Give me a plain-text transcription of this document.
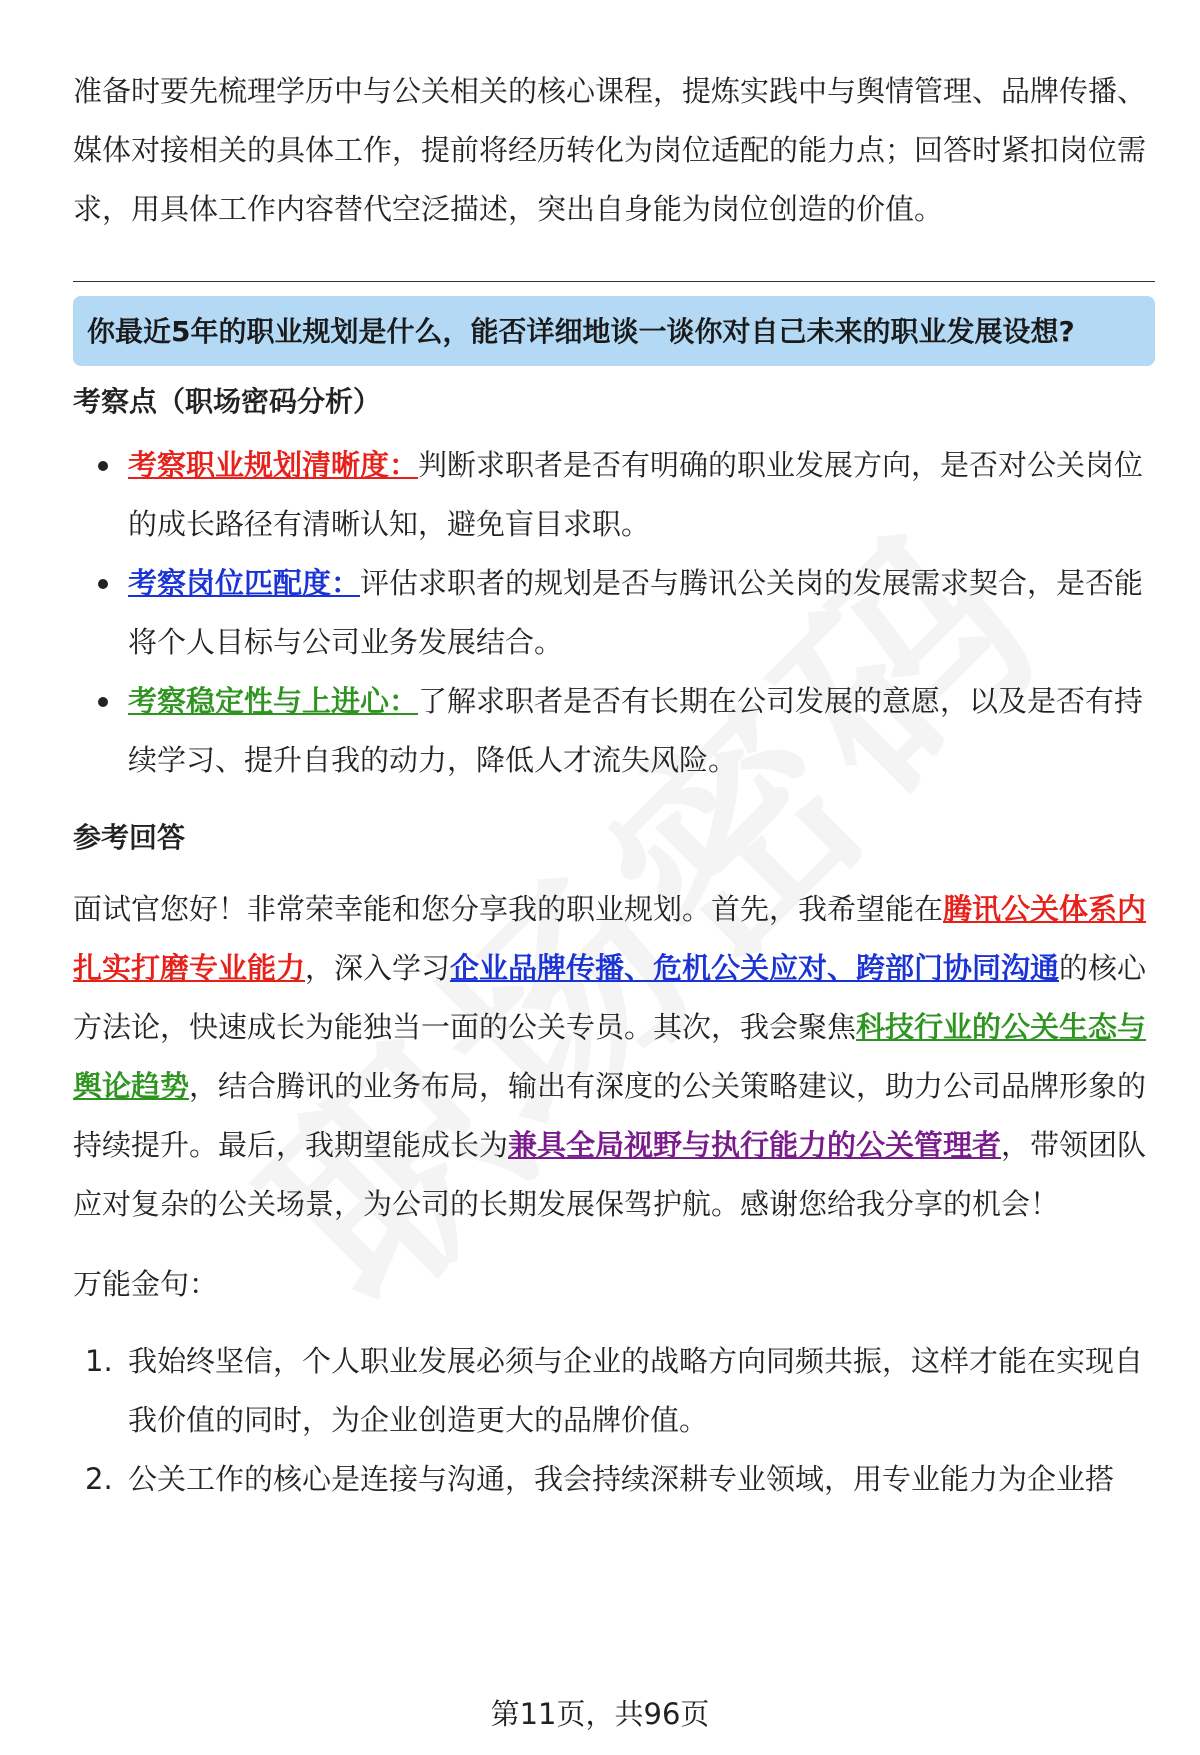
准备时要先梳理学历中与公关相关的核心课程，提炼实践中与舆情管理、品牌传播、媒体对接相关的具体工作，提前将经历转化为岗位适配的能力点；回答时紧扣岗位需求，用具体工作内容替代空泛描述，突出自身能为岗位创造的价值。

你最近5年的职业规划是什么，能否详细地谈一谈你对自己未来的职业发展设想?
考察点（职场密码分析）
考察职业规划清晰度：判断求职者是否有明确的职业发展方向，是否对公关岗位的成长路径有清晰认知，避免盲目求职。
考察岗位匹配度：评估求职者的规划是否与腾讯公关岗的发展需求契合，是否能将个人目标与公司业务发展结合。
考察稳定性与上进心：了解求职者是否有长期在公司发展的意愿，以及是否有持续学习、提升自我的动力，降低人才流失风险。
参考回答

面试官您好！非常荣幸能和您分享我的职业规划。首先，我希望能在腾讯公关体系内扎实打磨专业能力，深入学习企业品牌传播、危机公关应对、跨部门协同沟通的核心方法论，快速成长为能独当一面的公关专员。其次，我会聚焦科技行业的公关生态与舆论趋势，结合腾讯的业务布局，输出有深度的公关策略建议，助力公司品牌形象的持续提升。最后，我期望能成长为兼具全局视野与执行能力的公关管理者，带领团队应对复杂的公关场景，为公司的长期发展保驾护航。感谢您给我分享的机会！

万能金句：
1. 我始终坚信，个人职业发展必须与企业的战略方向同频共振，这样才能在实现自我价值的同时，为企业创造更大的品牌价值。
2. 公关工作的核心是连接与沟通，我会持续深耕专业领域，用专业能力为企业搭
第11页，共96页
